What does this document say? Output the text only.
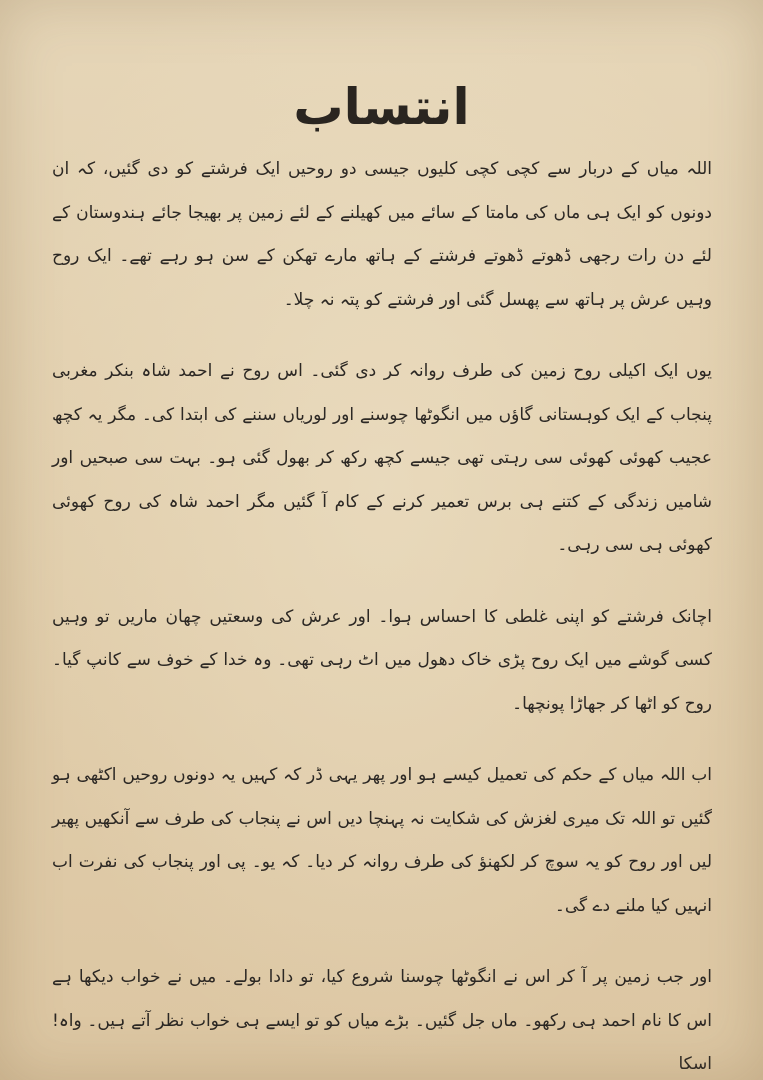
انتساب

اللہ میاں کے دربار سے کچی کچی کلیوں جیسی دو روحیں ایک فرشتے کو دی گئیں، کہ ان دونوں کو ایک ہی ماں کی مامتا کے سائے میں کھیلنے کے لئے زمین پر بھیجا جائے ہندوستان کے لئے دن رات رجھی ڈھوتے ڈھوتے فرشتے کے ہاتھ مارے تھکن کے سن ہو رہے تھے۔ ایک روح وہیں عرش پر ہاتھ سے پھسل گئی اور فرشتے کو پتہ نہ چلا۔

یوں ایک اکیلی روح زمین کی طرف روانہ کر دی گئی۔ اس روح نے احمد شاہ بنکر مغربی پنجاب کے ایک کوہستانی گاؤں میں انگوٹھا چوسنے اور لوریاں سننے کی ابتدا کی۔ مگر یہ کچھ عجیب کھوئی کھوئی سی رہتی تھی جیسے کچھ رکھ کر بھول گئی ہو۔ بہت سی صبحیں اور شامیں زندگی کے کتنے ہی برس تعمیر کرنے کے کام آ گئیں مگر احمد شاہ کی روح کھوئی کھوئی ہی سی رہی۔

اچانک فرشتے کو اپنی غلطی کا احساس ہوا۔ اور عرش کی وسعتیں چھان ماریں تو وہیں کسی گوشے میں ایک روح پڑی خاک دھول میں اٹ رہی تھی۔ وہ خدا کے خوف سے کانپ گیا۔ روح کو اٹھا کر جھاڑا پونچھا۔

اب اللہ میاں کے حکم کی تعمیل کیسے ہو اور پھر یہی ڈر کہ کہیں یہ دونوں روحیں اکٹھی ہو گئیں تو اللہ تک میری لغزش کی شکایت نہ پہنچا دیں اس نے پنجاب کی طرف سے آنکھیں پھیر لیں اور روح کو یہ سوچ کر لکھنؤ کی طرف روانہ کر دیا۔ کہ یو۔ پی اور پنجاب کی نفرت اب انہیں کیا ملنے دے گی۔

اور جب زمین پر آ کر اس نے انگوٹھا چوسنا شروع کیا، تو دادا بولے۔ میں نے خواب دیکھا ہے اس کا نام احمد ہی رکھو۔ ماں جل گئیں۔ بڑے میاں کو تو ایسے ہی خواب نظر آتے ہیں۔ واہ! اسکا
